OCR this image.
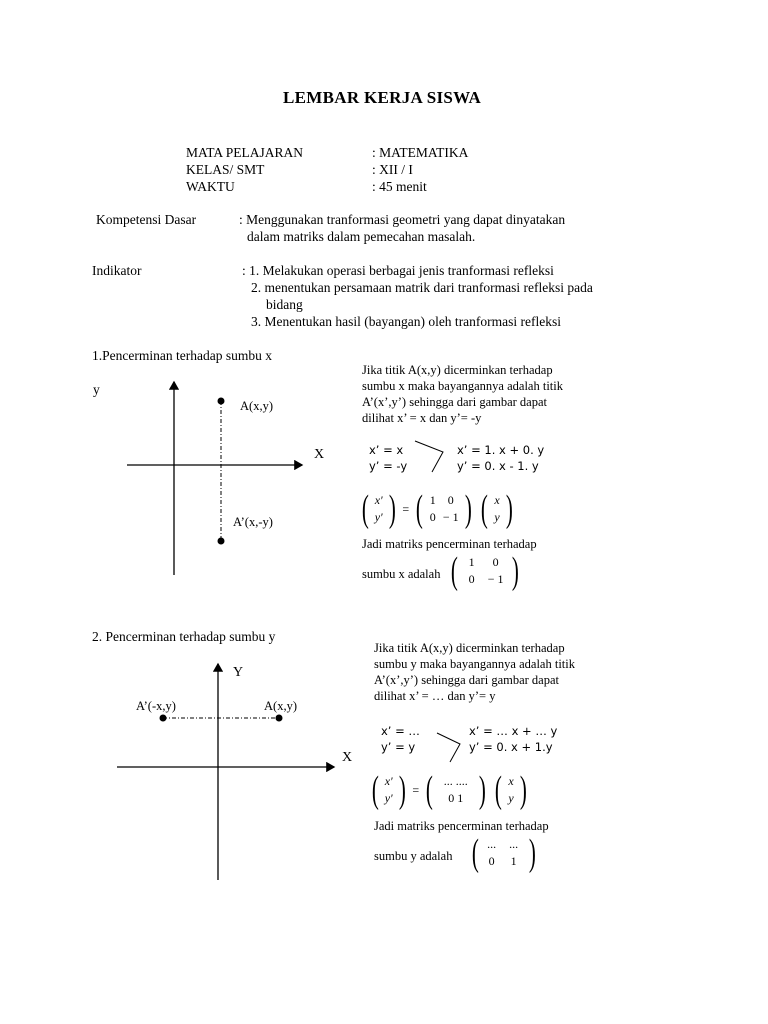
LEMBAR KERJA SISWA
MATA PELAJARAN	: MATEMATIKA
KELAS/ SMT	: XII / I
WAKTU	: 45 menit
Kompetensi Dasar	: Menggunakan tranformasi geometri yang dapat dinyatakan
dalam matriks dalam pemecahan masalah.
Indikator	: 1. Melakukan operasi berbagai jenis tranformasi refleksi
2. menentukan persamaan matrik dari tranformasi refleksi pada
bidang
3. Menentukan hasil (bayangan) oleh tranformasi refleksi
1.Pencerminan terhadap sumbu x
y
X
A(x,y)
A’(x,-y)
Jika titik A(x,y) dicerminkan terhadap
sumbu x maka bayangannya adalah titik
A’(x’,y’) sehingga dari gambar dapat
dilihat x’ = x dan y’= -y
x’ = x
y’ = -y
x’ = 1. x + 0. y
y’ = 0. x - 1. y
( x'
y' ) = ( 1	0
0 − 1 ) ( x
y )
Jadi matriks pencerminan terhadap
sumbu x adalah ( 1	0
0	− 1 )
2. Pencerminan terhadap sumbu y
Y
X
A’(-x,y)	A(x,y)
Jika titik A(x,y) dicerminkan terhadap
sumbu y maka bayangannya adalah titik
A’(x’,y’) sehingga dari gambar dapat
dilihat x’ = … dan y’= y
x’ = …
y’ = y
x’ = … x + … y
y’ = 0. x + 1.y
( x'
y' ) = ( ... ....
0 1 ) ( x
y )
Jadi matriks pencerminan terhadap
sumbu y adalah ( ...	...
0	1 )
